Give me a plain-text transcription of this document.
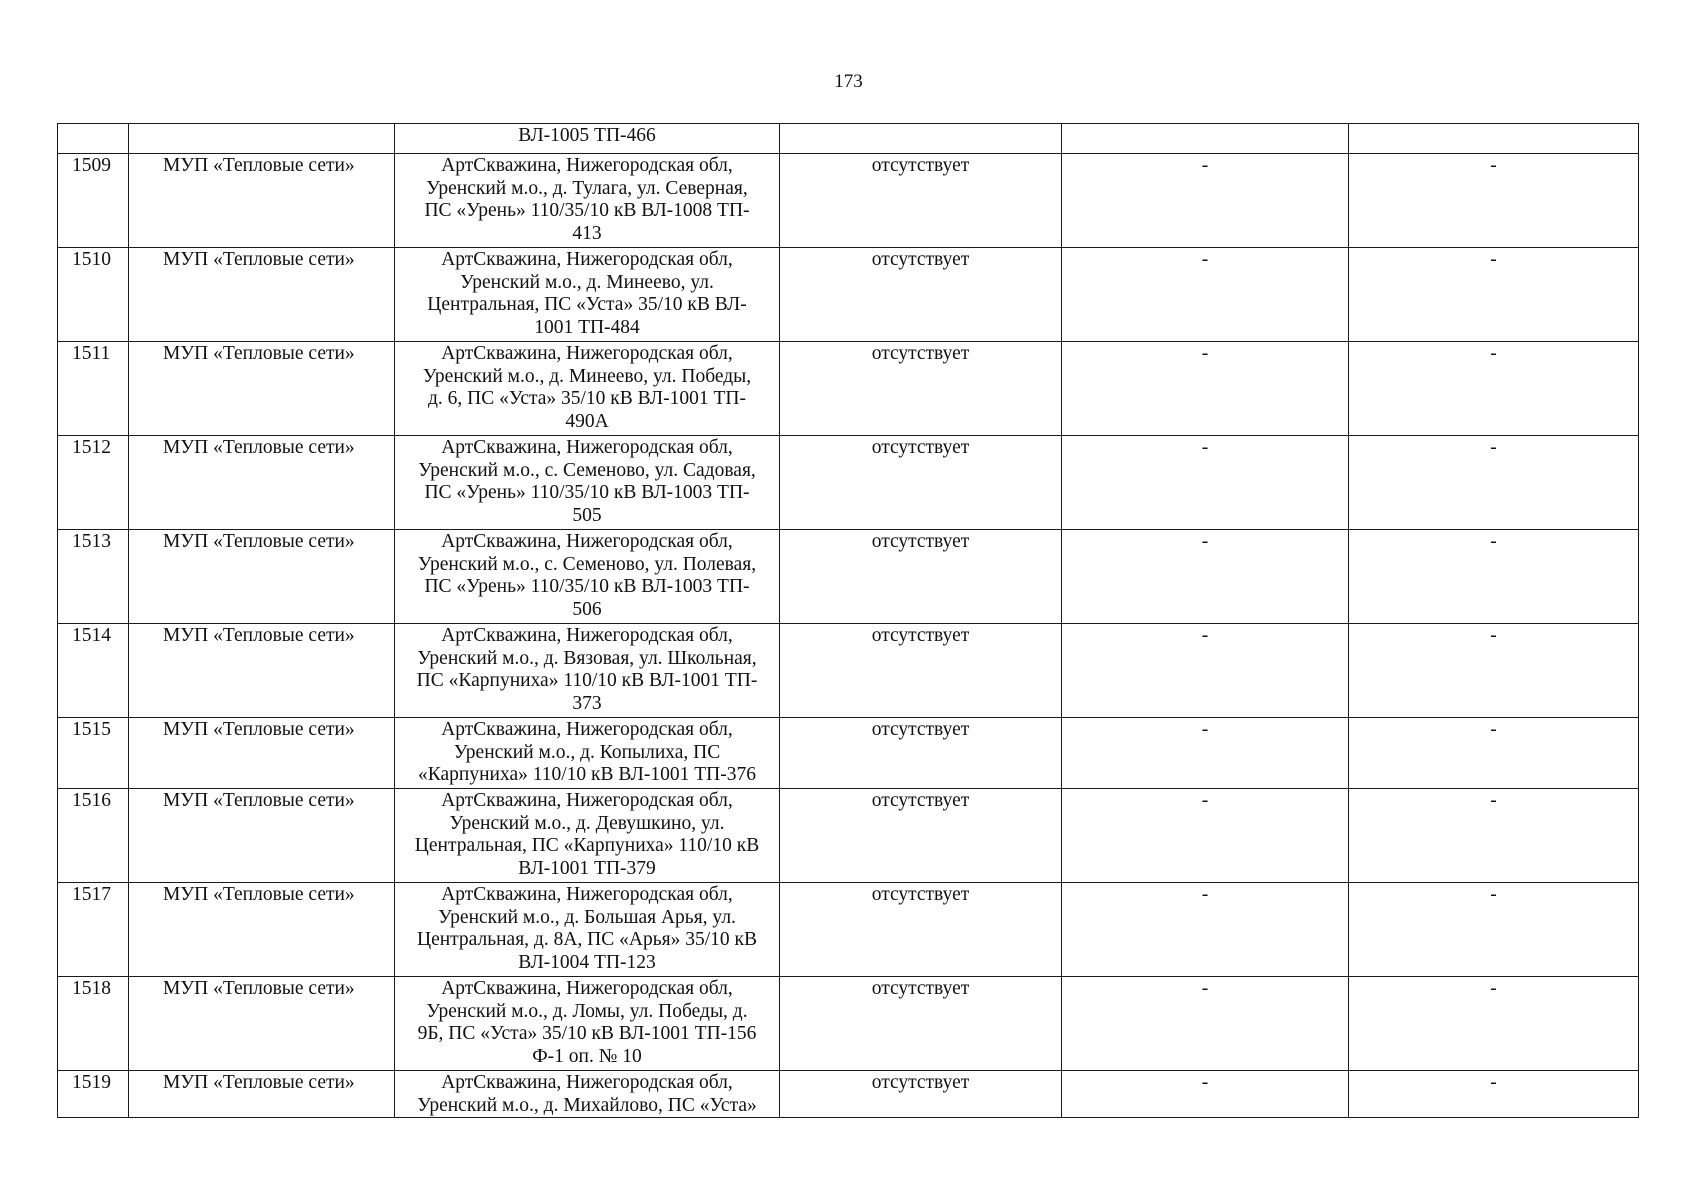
173
		ВЛ-1005 ТП-466			
1509	МУП «Тепловые сети»	АртСкважина, Нижегородская обл,
Уренский м.о., д. Тулага, ул. Северная,
ПС «Урень» 110/35/10 кВ ВЛ-1008 ТП-
413	отсутствует	-	-
1510	МУП «Тепловые сети»	АртСкважина, Нижегородская обл,
Уренский м.о., д. Минеево, ул.
Центральная, ПС «Уста» 35/10 кВ ВЛ-
1001 ТП-484	отсутствует	-	-
1511	МУП «Тепловые сети»	АртСкважина, Нижегородская обл,
Уренский м.о., д. Минеево, ул. Победы,
д. 6, ПС «Уста» 35/10 кВ ВЛ-1001 ТП-
490А	отсутствует	-	-
1512	МУП «Тепловые сети»	АртСкважина, Нижегородская обл,
Уренский м.о., с. Семеново, ул. Садовая,
ПС «Урень» 110/35/10 кВ ВЛ-1003 ТП-
505	отсутствует	-	-
1513	МУП «Тепловые сети»	АртСкважина, Нижегородская обл,
Уренский м.о., с. Семеново, ул. Полевая,
ПС «Урень» 110/35/10 кВ ВЛ-1003 ТП-
506	отсутствует	-	-
1514	МУП «Тепловые сети»	АртСкважина, Нижегородская обл,
Уренский м.о., д. Вязовая, ул. Школьная,
ПС «Карпуниха» 110/10 кВ ВЛ-1001 ТП-
373	отсутствует	-	-
1515	МУП «Тепловые сети»	АртСкважина, Нижегородская обл,
Уренский м.о., д. Копылиха, ПС
«Карпуниха» 110/10 кВ ВЛ-1001 ТП-376	отсутствует	-	-
1516	МУП «Тепловые сети»	АртСкважина, Нижегородская обл,
Уренский м.о., д. Девушкино, ул.
Центральная, ПС «Карпуниха» 110/10 кВ
ВЛ-1001 ТП-379	отсутствует	-	-
1517	МУП «Тепловые сети»	АртСкважина, Нижегородская обл,
Уренский м.о., д. Большая Арья, ул.
Центральная, д. 8А, ПС «Арья» 35/10 кВ
ВЛ-1004 ТП-123	отсутствует	-	-
1518	МУП «Тепловые сети»	АртСкважина, Нижегородская обл,
Уренский м.о., д. Ломы, ул. Победы, д.
9Б, ПС «Уста» 35/10 кВ ВЛ-1001 ТП-156
Ф-1 оп. № 10	отсутствует	-	-
1519	МУП «Тепловые сети»	АртСкважина, Нижегородская обл,
Уренский м.о., д. Михайлово, ПС «Уста»	отсутствует	-	-
